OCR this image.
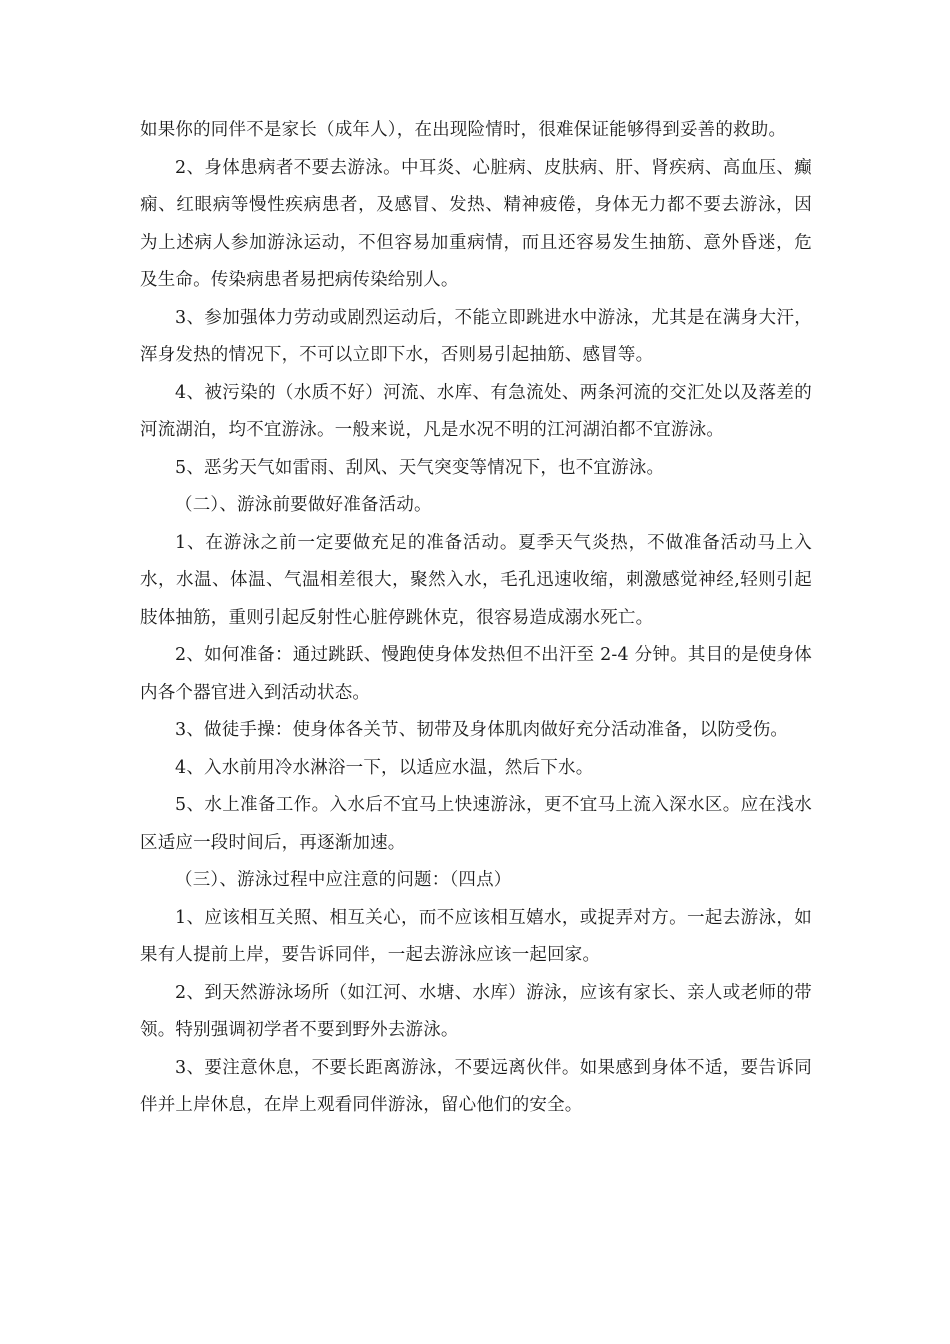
如果你的同伴不是家长（成年人），在出现险情时，很难保证能够得到妥善的救助。

2、身体患病者不要去游泳。中耳炎、心脏病、皮肤病、肝、肾疾病、高血压、癫痫、红眼病等慢性疾病患者，及感冒、发热、精神疲倦，身体无力都不要去游泳，因为上述病人参加游泳运动，不但容易加重病情，而且还容易发生抽筋、意外昏迷，危及生命。传染病患者易把病传染给别人。

3、参加强体力劳动或剧烈运动后，不能立即跳进水中游泳，尤其是在满身大汗，浑身发热的情况下，不可以立即下水，否则易引起抽筋、感冒等。

4、被污染的（水质不好）河流、水库、有急流处、两条河流的交汇处以及落差的河流湖泊，均不宜游泳。一般来说，凡是水况不明的江河湖泊都不宜游泳。

5、恶劣天气如雷雨、刮风、天气突变等情况下，也不宜游泳。

（二）、游泳前要做好准备活动。

1、在游泳之前一定要做充足的准备活动。夏季天气炎热，不做准备活动马上入水，水温、体温、气温相差很大，聚然入水，毛孔迅速收缩，刺激感觉神经,轻则引起肢体抽筋，重则引起反射性心脏停跳休克，很容易造成溺水死亡。

2、如何准备：通过跳跃、慢跑使身体发热但不出汗至 2-4 分钟。其目的是使身体内各个器官进入到活动状态。

3、做徒手操：使身体各关节、韧带及身体肌肉做好充分活动准备，以防受伤。

4、入水前用冷水淋浴一下，以适应水温，然后下水。

5、水上准备工作。入水后不宜马上快速游泳，更不宜马上流入深水区。应在浅水区适应一段时间后，再逐渐加速。

（三）、游泳过程中应注意的问题：（四点）

1、应该相互关照、相互关心，而不应该相互嬉水，或捉弄对方。一起去游泳，如果有人提前上岸，要告诉同伴，一起去游泳应该一起回家。

2、到天然游泳场所（如江河、水塘、水库）游泳，应该有家长、亲人或老师的带领。特别强调初学者不要到野外去游泳。

3、要注意休息，不要长距离游泳，不要远离伙伴。如果感到身体不适，要告诉同伴并上岸休息，在岸上观看同伴游泳，留心他们的安全。
